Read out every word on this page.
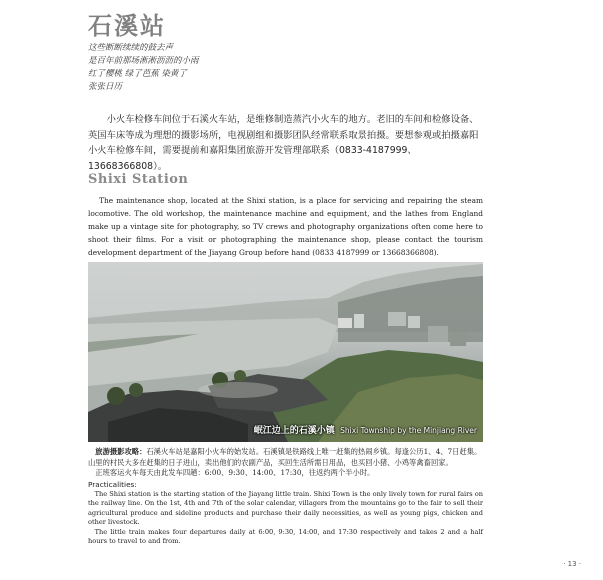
石溪站
这些断断续续的鼓去声
是百年前那场淅淅沥沥的小雨
红了樱桃 绿了芭蕉 染黄了
张张日历

小火车检修车间位于石溪火车站，是维修制造蒸汽小火车的地方。老旧的车间和检修设备、英国车床等成为理想的摄影场所，电视剧组和摄影团队经常联系取景拍摄。要想参观或拍摄嘉阳小火车检修车间，需要提前和嘉阳集团旅游开发管理部联系（0833-4187999、13668366808）。

Shixi Station

The maintenance shop, located at the Shixi station, is a place for servicing and repairing the steam locomotive. The old workshop, the maintenance machine and equipment, and the lathes from England make up a vintage site for photography, so TV crews and photography organizations often come here to shoot their films. For a visit or photographing the maintenance shop, please contact the tourism development department of the Jiayang Group before hand (0833 4187999 or 13668366808).

岷江边上的石溪小镇 Shixi Township by the Minjiang River

旅游摄影攻略：石溪火车站是嘉阳小火车的始发站。石溪镇是铁路线上唯一赶集的热闹乡镇。每逢公历1、4、7日赶集。山里的村民大多在赶集的日子进山，卖出他们的农副产品，买回生活所需日用品，也买回小猪、小鸡等禽畜回家。

正班客运火车每天由此发车四趟：6:00、9:30、14:00、17:30，往返约两个半小时。

Practicalities:

The Shixi station is the starting station of the Jiayang little train. Shixi Town is the only lively town for rural fairs on the railway line. On the 1st, 4th and 7th of the solar calendar, villagers from the mountains go to the fair to sell their agricultural produce and sideline products and purchase their daily necessities, as well as young pigs, chicken and other livestock.

The little train makes four departures daily at 6:00, 9:30, 14:00, and 17:30 respectively and takes 2 and a half hours to travel to and from.

· 13 ·
